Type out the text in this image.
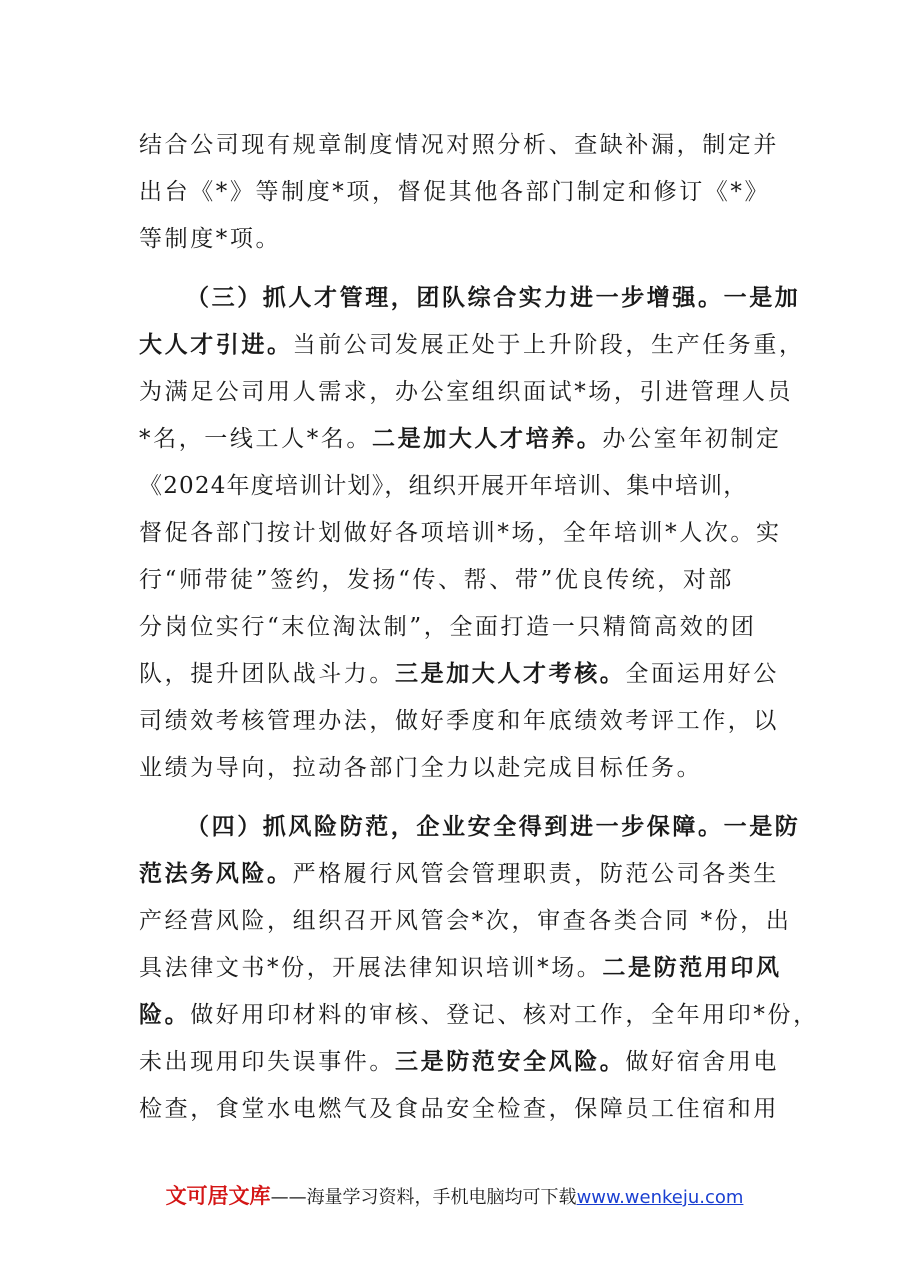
结合公司现有规章制度情况对照分析、查缺补漏，制定并
出台《*》等制度*项，督促其他各部门制定和修订《*》
等制度*项。
（三）抓人才管理，团队综合实力进一步增强。一是加
大人才引进。当前公司发展正处于上升阶段，生产任务重，
为满足公司用人需求，办公室组织面试*场，引进管理人员
*名，一线工人*名。二是加大人才培养。办公室年初制定
《2024年度培训计划》，组织开展开年培训、集中培训，
督促各部门按计划做好各项培训*场，全年培训*人次。实
行“师带徒”签约，发扬“传、帮、带”优良传统，对部
分岗位实行“末位淘汰制”，全面打造一只精简高效的团
队，提升团队战斗力。三是加大人才考核。全面运用好公
司绩效考核管理办法，做好季度和年底绩效考评工作，以
业绩为导向，拉动各部门全力以赴完成目标任务。
（四）抓风险防范，企业安全得到进一步保障。一是防
范法务风险。严格履行风管会管理职责，防范公司各类生
产经营风险，组织召开风管会*次，审查各类合同 *份，出
具法律文书*份，开展法律知识培训*场。二是防范用印风
险。做好用印材料的审核、登记、核对工作，全年用印*份，
未出现用印失误事件。三是防范安全风险。做好宿舍用电
检查，食堂水电燃气及食品安全检查，保障员工住宿和用
文可居文库——海量学习资料，手机电脑均可下载www.wenkeju.com
